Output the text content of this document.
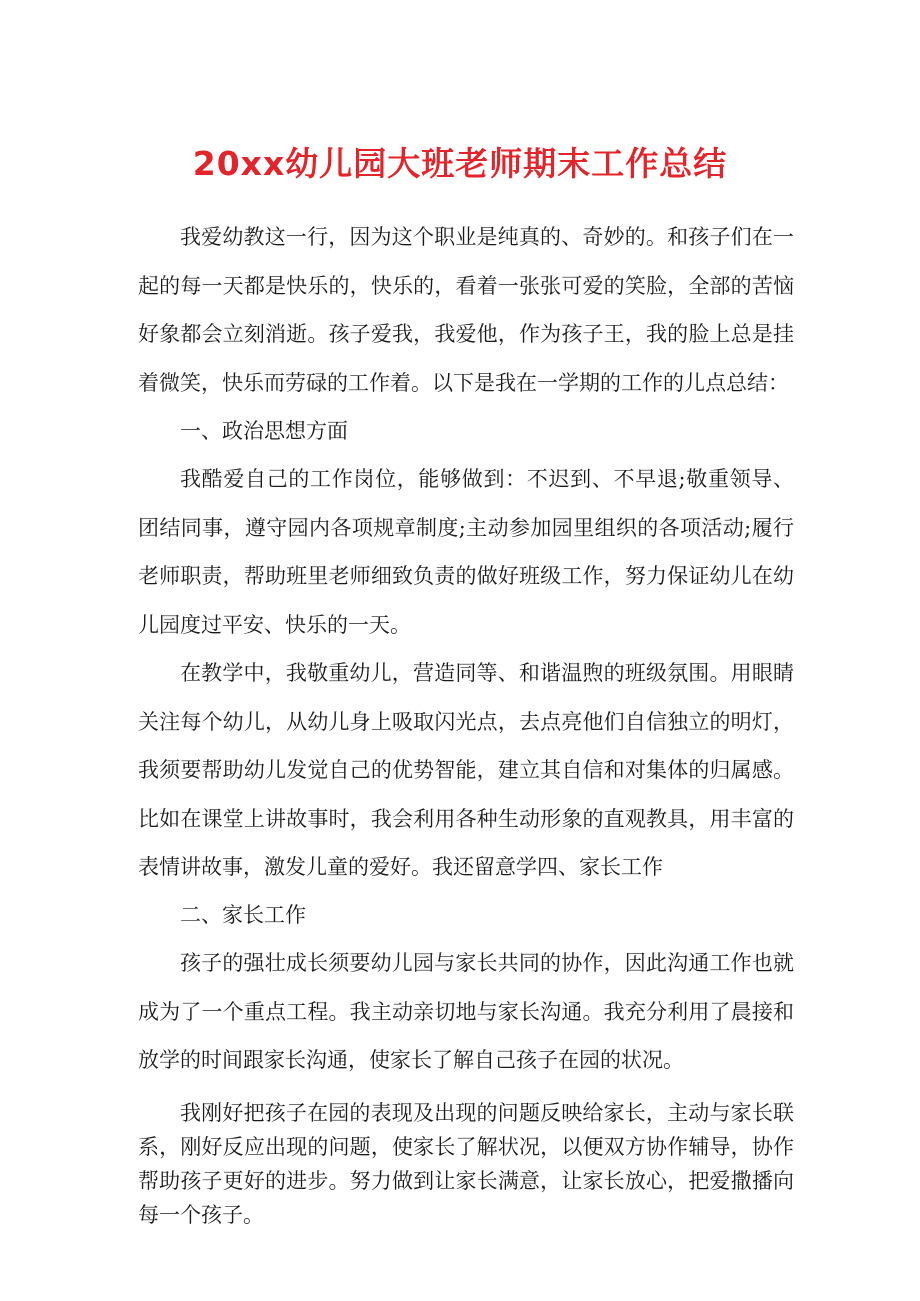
20xx幼儿园大班老师期末工作总结

我爱幼教这一行，因为这个职业是纯真的、奇妙的。和孩子们在一起的每一天都是快乐的，快乐的，看着一张张可爱的笑脸，全部的苦恼好象都会立刻消逝。孩子爱我，我爱他，作为孩子王，我的脸上总是挂着微笑，快乐而劳碌的工作着。以下是我在一学期的工作的儿点总结：

一、政治思想方面

我酷爱自己的工作岗位，能够做到：不迟到、不早退;敬重领导、团结同事，遵守园内各项规章制度;主动参加园里组织的各项活动;履行老师职责，帮助班里老师细致负责的做好班级工作，努力保证幼儿在幼儿园度过平安、快乐的一天。

在教学中，我敬重幼儿，营造同等、和谐温煦的班级氛围。用眼睛关注每个幼儿，从幼儿身上吸取闪光点，去点亮他们自信独立的明灯，我须要帮助幼儿发觉自己的优势智能，建立其自信和对集体的归属感。比如在课堂上讲故事时，我会利用各种生动形象的直观教具，用丰富的表情讲故事，激发儿童的爱好。我还留意学四、家长工作

二、家长工作

孩子的强壮成长须要幼儿园与家长共同的协作，因此沟通工作也就成为了一个重点工程。我主动亲切地与家长沟通。我充分利用了晨接和放学的时间跟家长沟通，使家长了解自己孩子在园的状况。

我刚好把孩子在园的表现及出现的问题反映给家长，主动与家长联系，刚好反应出现的问题，使家长了解状况，以便双方协作辅导，协作帮助孩子更好的进步。努力做到让家长满意，让家长放心，把爱撒播向每一个孩子。
